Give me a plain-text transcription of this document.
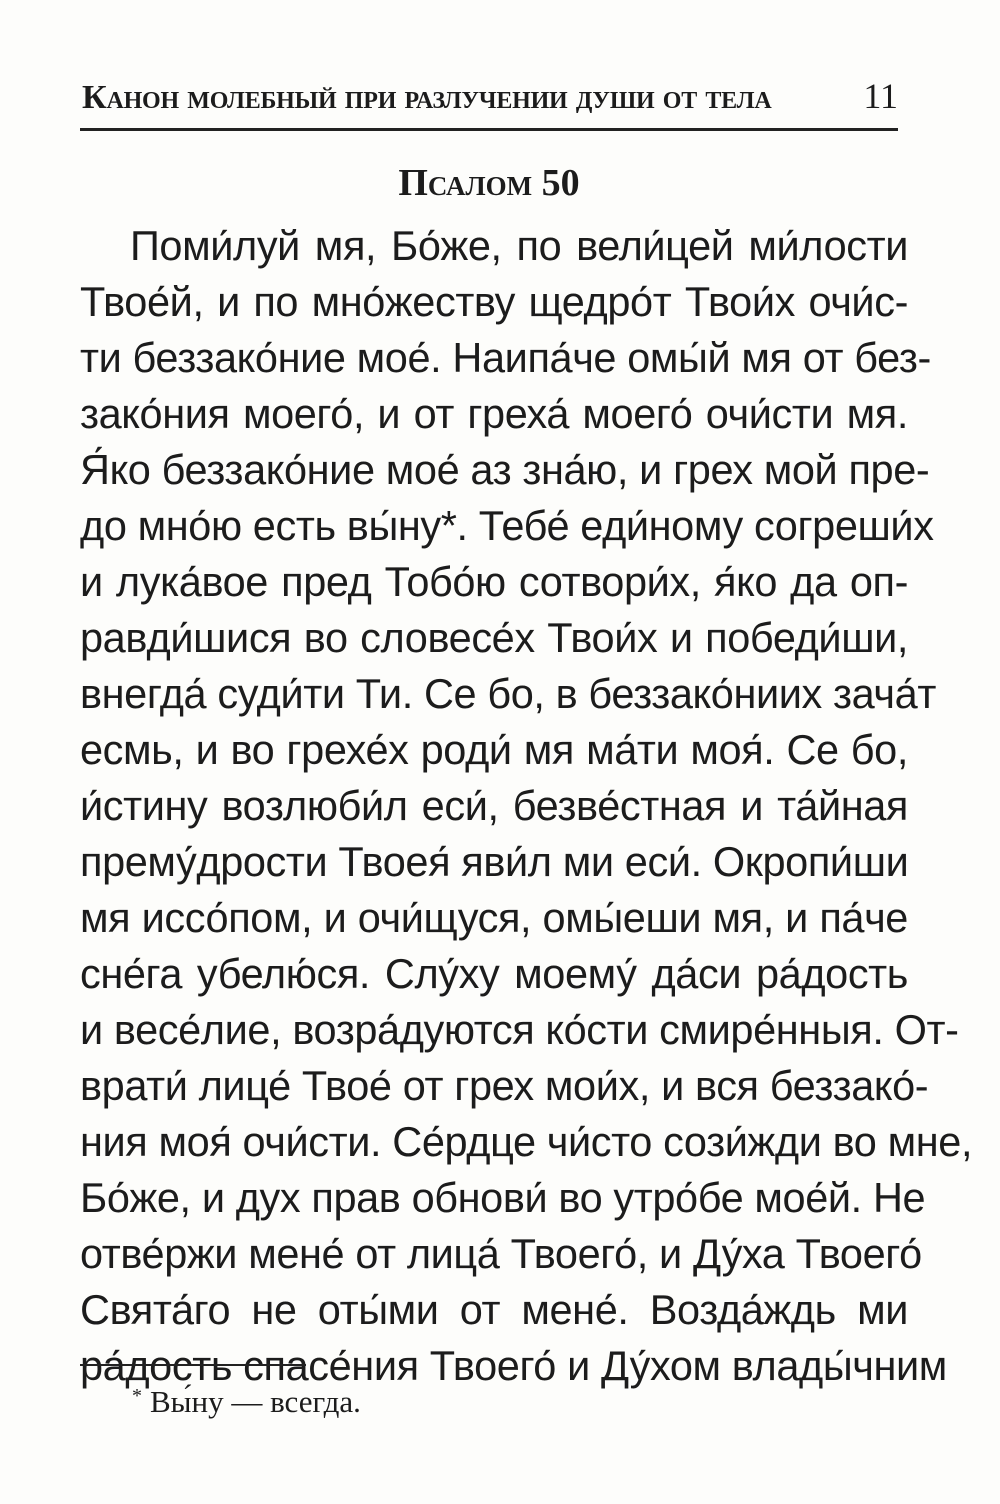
Канон молебный при разлучении души от тела	11
Псалом 50
Поми́луй мя, Бо́же, по вели́цей ми́лости
Твое́й, и по мно́жеству щедро́т Твои́х очи́с-
ти беззако́ние мое́. Наипа́че омы́й мя от без-
зако́ния моего́, и от греха́ моего́ очи́сти мя.
Я́ко беззако́ние мое́ аз зна́ю, и грех мой пре-
до мно́ю есть вы́ну*. Тебе́ еди́ному согреши́х
и лука́вое пред Тобо́ю сотвори́х, я́ко да оп-
равди́шися во словесе́х Твои́х и победи́ши,
внегда́ суди́ти Ти. Се бо, в беззако́ниих зача́т
есмь, и во грехе́х роди́ мя ма́ти моя́. Се бо,
и́стину возлюби́л еси́, безве́стная и та́йная
прему́дрости Твоея́ яви́л ми еси́. Окропи́ши
мя иссо́пом, и очи́щуся, омы́еши мя, и па́че
сне́га убелю́ся. Слу́ху моему́ да́си ра́дость
и весе́лие, возра́дуются ко́сти смире́нныя. От-
врати́ лице́ Твое́ от грех мои́х, и вся беззако́-
ния моя́ очи́сти. Се́рдце чи́сто сози́жди во мне,
Бо́же, и дух прав обнови́ во утро́бе мое́й. Не
отве́ржи мене́ от лица́ Твоего́, и Ду́ха Твоего́
Свята́го не оты́ми от мене́. Возда́ждь ми
ра́дость спасе́ния Твоего́ и Ду́хом влады́чним
* Вы́ну — всегда.
